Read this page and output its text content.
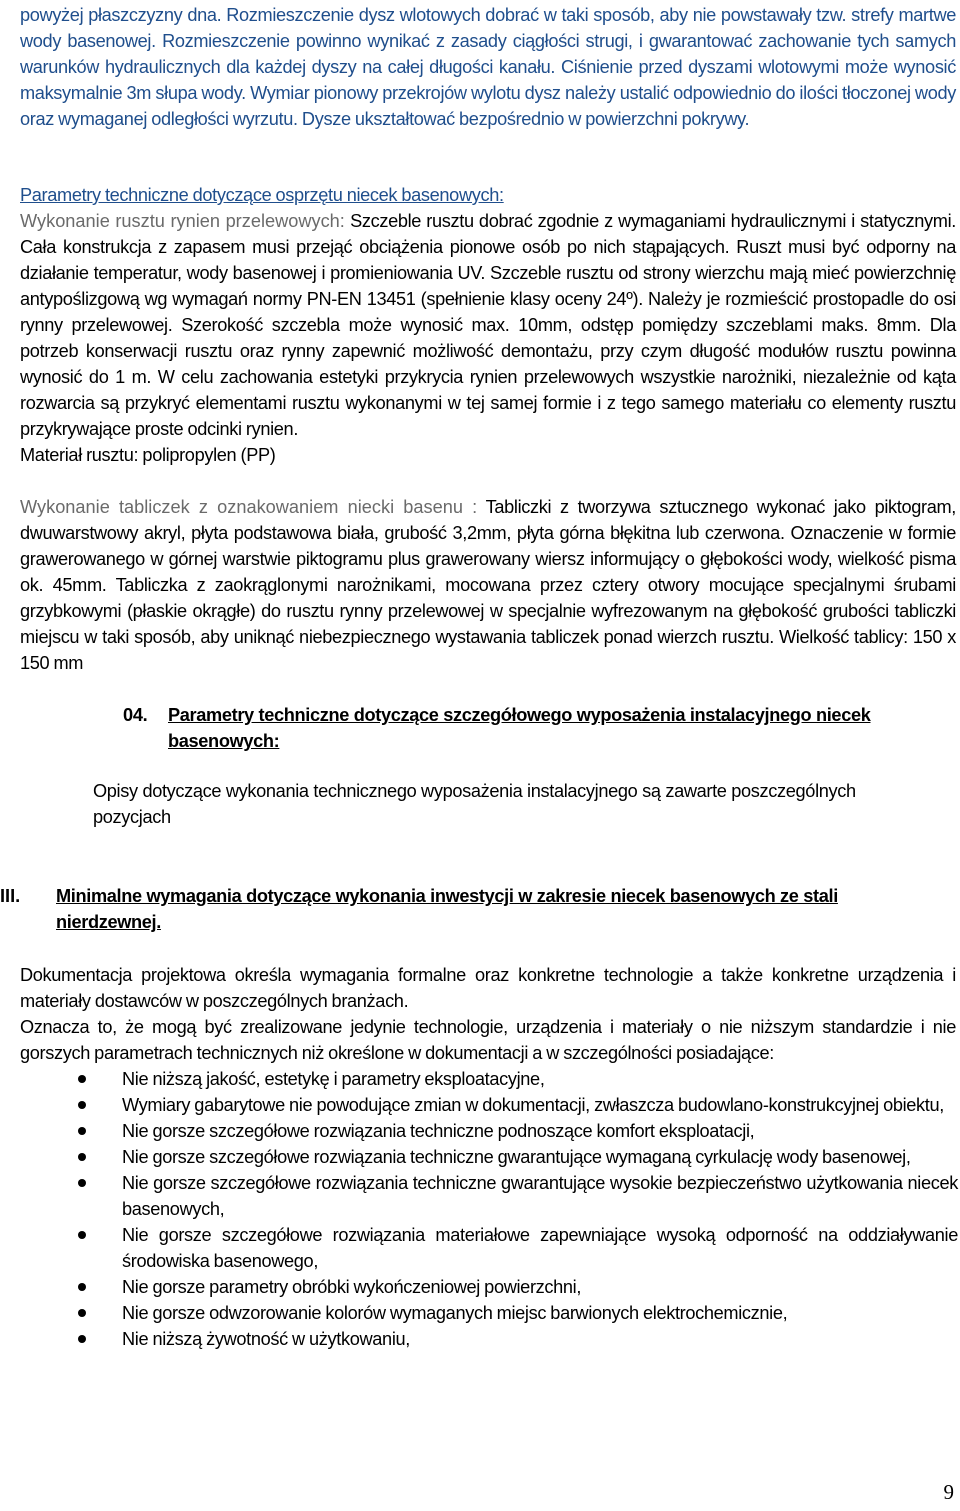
powyżej płaszczyzny dna. Rozmieszczenie dysz wlotowych dobrać w taki sposób, aby nie powstawały tzw. strefy martwe wody basenowej. Rozmieszczenie powinno wynikać z zasady ciągłości strugi, i gwarantować zachowanie tych samych warunków hydraulicznych dla każdej dyszy na całej długości kanału. Ciśnienie przed dyszami wlotowymi może wynosić maksymalnie 3m słupa wody. Wymiar pionowy przekrojów wylotu dysz należy ustalić odpowiednio do ilości tłoczonej wody oraz wymaganej odległości wyrzutu. Dysze ukształtować bezpośrednio w powierzchni pokrywy.

Parametry techniczne dotyczące osprzętu niecek basenowych:
Wykonanie rusztu rynien przelewowych: Szczeble rusztu dobrać zgodnie z wymaganiami hydraulicznymi i statycznymi. Cała konstrukcja z zapasem musi przejąć obciążenia pionowe osób po nich stąpających. Ruszt musi być odporny na działanie temperatur, wody basenowej i promieniowania UV. Szczeble rusztu od strony wierzchu mają mieć powierzchnię antypoślizgową wg wymagań normy PN-EN 13451 (spełnienie klasy oceny 24º). Należy je rozmieścić prostopadle do osi rynny przelewowej. Szerokość szczebla może wynosić max. 10mm, odstęp pomiędzy szczeblami maks. 8mm. Dla potrzeb konserwacji rusztu oraz rynny zapewnić możliwość demontażu, przy czym długość modułów rusztu powinna wynosić do 1 m. W celu zachowania estetyki przykrycia rynien przelewowych wszystkie narożniki, niezależnie od kąta rozwarcia są przykryć elementami rusztu wykonanymi w tej samej formie i z tego samego materiału co elementy rusztu przykrywające proste odcinki rynien.
Materiał rusztu: polipropylen (PP)

Wykonanie tabliczek z oznakowaniem niecki basenu : Tabliczki z tworzywa sztucznego wykonać jako piktogram, dwuwarstwowy akryl, płyta podstawowa biała, grubość 3,2mm, płyta górna błękitna lub czerwona. Oznaczenie w formie grawerowanego w górnej warstwie piktogramu plus grawerowany wiersz informujący o głębokości wody, wielkość pisma ok. 45mm. Tabliczka z zaokrąglonymi narożnikami, mocowana przez cztery otwory mocujące specjalnymi śrubami grzybkowymi (płaskie okrągłe) do rusztu rynny przelewowej w specjalnie wyfrezowanym na głębokość grubości tabliczki miejscu w taki sposób, aby uniknąć niebezpiecznego wystawania tabliczek ponad wierzch rusztu. Wielkość tablicy: 150 x 150 mm

04. Parametry techniczne dotyczące szczegółowego wyposażenia instalacyjnego niecek basenowych:
Opisy dotyczące wykonania technicznego wyposażenia instalacyjnego są zawarte poszczególnych pozycjach
III. Minimalne wymagania dotyczące wykonania inwestycji w zakresie niecek basenowych ze stali nierdzewnej.

Dokumentacja projektowa określa wymagania formalne oraz konkretne technologie a także konkretne urządzenia i materiały dostawców w poszczególnych branżach.

Oznacza to, że mogą być zrealizowane jedynie technologie, urządzenia i materiały o nie niższym standardzie i nie gorszych parametrach technicznych niż określone w dokumentacji a w szczególności posiadające:

Nie niższą jakość, estetykę i parametry eksploatacyjne,
Wymiary gabarytowe nie powodujące zmian w dokumentacji, zwłaszcza budowlano-konstrukcyjnej obiektu,
Nie gorsze szczegółowe rozwiązania techniczne podnoszące komfort eksploatacji,
Nie gorsze szczegółowe rozwiązania techniczne gwarantujące wymaganą cyrkulację wody basenowej,
Nie gorsze szczegółowe rozwiązania techniczne gwarantujące wysokie bezpieczeństwo użytkowania niecek basenowych,
Nie gorsze szczegółowe rozwiązania materiałowe zapewniające wysoką odporność na oddziaływanie środowiska basenowego,
Nie gorsze parametry obróbki wykończeniowej powierzchni,
Nie gorsze odwzorowanie kolorów wymaganych miejsc barwionych elektrochemicznie,
Nie niższą żywotność w użytkowaniu,
9
